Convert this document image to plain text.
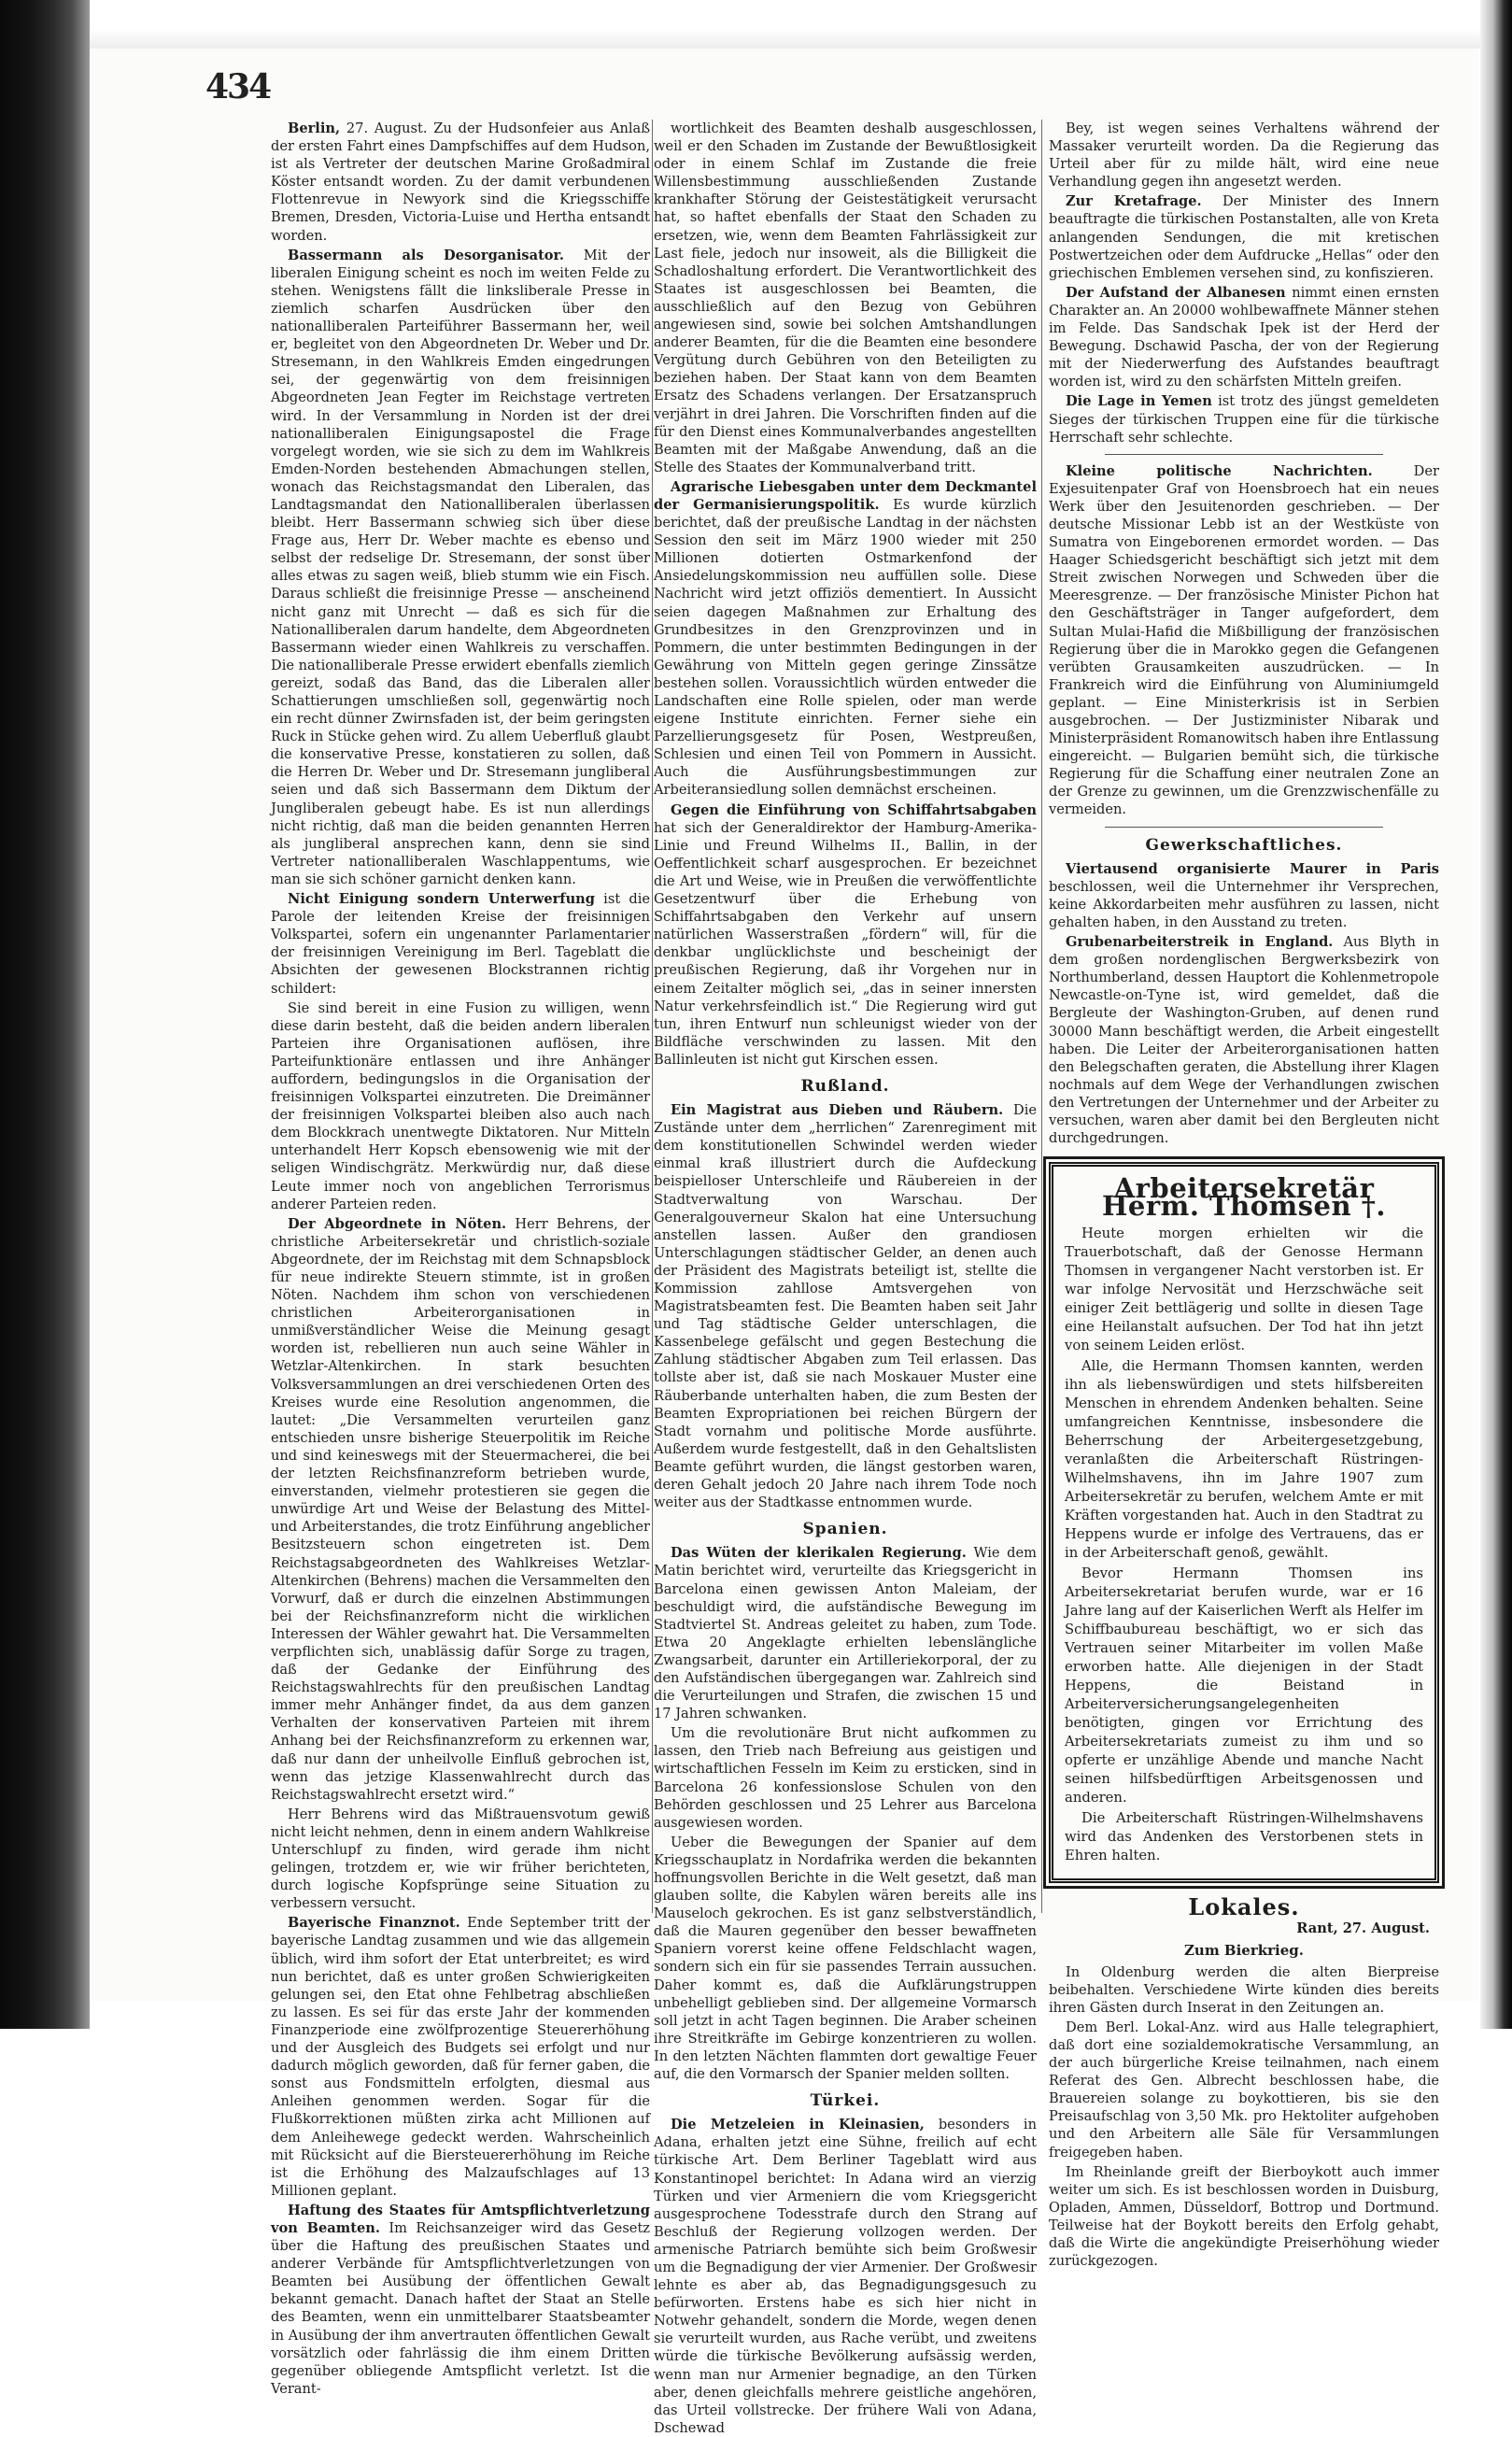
434

Berlin, 27. August. Zu der Hudsonfeier aus Anlaß der ersten Fahrt eines Dampfschiffes auf dem Hudson, ist als Vertreter der deutschen Marine Großadmiral Köster entsandt worden. Zu der damit verbundenen Flottenrevue in Newyork sind die Kriegsschiffe Bremen, Dresden, Victoria-Luise und Hertha entsandt worden.

Bassermann als Desorganisator. Mit der liberalen Einigung scheint es noch im weiten Felde zu stehen. Wenigstens fällt die linksliberale Presse in ziemlich scharfen Ausdrücken über den nationalliberalen Parteiführer Bassermann her, weil er, begleitet von den Abgeordneten Dr. Weber und Dr. Stresemann, in den Wahlkreis Emden eingedrungen sei, der gegenwärtig von dem freisinnigen Abgeordneten Jean Fegter im Reichstage vertreten wird. In der Versammlung in Norden ist der drei nationalliberalen Einigungsapostel die Frage vorgelegt worden, wie sie sich zu dem im Wahlkreis Emden-Norden bestehenden Abmachungen stellen, wonach das Reichstagsmandat den Liberalen, das Landtagsmandat den Nationalliberalen überlassen bleibt. Herr Bassermann schwieg sich über diese Frage aus, Herr Dr. Weber machte es ebenso und selbst der redselige Dr. Stresemann, der sonst über alles etwas zu sagen weiß, blieb stumm wie ein Fisch. Daraus schließt die freisinnige Presse — anscheinend nicht ganz mit Unrecht — daß es sich für die Nationalliberalen darum handelte, dem Abgeordneten Bassermann wieder einen Wahlkreis zu verschaffen. Die nationalliberale Presse erwidert ebenfalls ziemlich gereizt, sodaß das Band, das die Liberalen aller Schattierungen umschließen soll, gegenwärtig noch ein recht dünner Zwirnsfaden ist, der beim geringsten Ruck in Stücke gehen wird. Zu allem Ueberfluß glaubt die konservative Presse, konstatieren zu sollen, daß die Herren Dr. Weber und Dr. Stresemann jungliberal seien und daß sich Bassermann dem Diktum der Jungliberalen gebeugt habe. Es ist nun allerdings nicht richtig, daß man die beiden genannten Herren als jungliberal ansprechen kann, denn sie sind Vertreter nationalliberalen Waschlappentums, wie man sie sich schöner garnicht denken kann.

Nicht Einigung sondern Unterwerfung ist die Parole der leitenden Kreise der freisinnigen Volkspartei, sofern ein ungenannter Parlamentarier der freisinnigen Vereinigung im Berl. Tageblatt die Absichten der gewesenen Blockstrannen richtig schildert:

Sie sind bereit in eine Fusion zu willigen, wenn diese darin besteht, daß die beiden andern liberalen Parteien ihre Organisationen auflösen, ihre Parteifunktionäre entlassen und ihre Anhänger auffordern, bedingungslos in die Organisation der freisinnigen Volkspartei einzutreten. Die Dreimänner der freisinnigen Volkspartei bleiben also auch nach dem Blockkrach unentwegte Diktatoren. Nur Mitteln unterhandelt Herr Kopsch ebensowenig wie mit der seligen Windischgrätz. Merkwürdig nur, daß diese Leute immer noch von angeblichen Terrorismus anderer Parteien reden.

Der Abgeordnete in Nöten. Herr Behrens, der christliche Arbeitersekretär und christlich-soziale Abgeordnete, der im Reichstag mit dem Schnapsblock für neue indirekte Steuern stimmte, ist in großen Nöten. Nachdem ihm schon von verschiedenen christlichen Arbeiterorganisationen in unmißverständlicher Weise die Meinung gesagt worden ist, rebellieren nun auch seine Wähler in Wetzlar-Altenkirchen. In stark besuchten Volksversammlungen an drei verschiedenen Orten des Kreises wurde eine Resolution angenommen, die lautet: „Die Versammelten verurteilen ganz entschieden unsre bisherige Steuerpolitik im Reiche und sind keineswegs mit der Steuermacherei, die bei der letzten Reichsfinanzreform betrieben wurde, einverstanden, vielmehr protestieren sie gegen die unwürdige Art und Weise der Belastung des Mittel- und Arbeiterstandes, die trotz Einführung angeblicher Besitzsteuern schon eingetreten ist. Dem Reichstagsabgeordneten des Wahlkreises Wetzlar-Altenkirchen (Behrens) machen die Versammelten den Vorwurf, daß er durch die einzelnen Abstimmungen bei der Reichsfinanzreform nicht die wirklichen Interessen der Wähler gewahrt hat. Die Versammelten verpflichten sich, unablässig dafür Sorge zu tragen, daß der Gedanke der Einführung des Reichstagswahlrechts für den preußischen Landtag immer mehr Anhänger findet, da aus dem ganzen Verhalten der konservativen Parteien mit ihrem Anhang bei der Reichsfinanzreform zu erkennen war, daß nur dann der unheilvolle Einfluß gebrochen ist, wenn das jetzige Klassenwahlrecht durch das Reichstagswahlrecht ersetzt wird.“

Herr Behrens wird das Mißtrauensvotum gewiß nicht leicht nehmen, denn in einem andern Wahlkreise Unterschlupf zu finden, wird gerade ihm nicht gelingen, trotzdem er, wie wir früher berichteten, durch logische Kopfsprünge seine Situation zu verbessern versucht.

Bayerische Finanznot. Ende September tritt der bayerische Landtag zusammen und wie das allgemein üblich, wird ihm sofort der Etat unterbreitet; es wird nun berichtet, daß es unter großen Schwierigkeiten gelungen sei, den Etat ohne Fehlbetrag abschließen zu lassen. Es sei für das erste Jahr der kommenden Finanzperiode eine zwölfprozentige Steuererhöhung und der Ausgleich des Budgets sei erfolgt und nur dadurch möglich geworden, daß für ferner gaben, die sonst aus Fondsmitteln erfolgten, diesmal aus Anleihen genommen werden. Sogar für die Flußkorrektionen müßten zirka acht Millionen auf dem Anleihewege gedeckt werden. Wahrscheinlich mit Rücksicht auf die Biersteuererhöhung im Reiche ist die Erhöhung des Malzaufschlages auf 13 Millionen geplant.

Haftung des Staates für Amtspflichtverletzung von Beamten. Im Reichsanzeiger wird das Gesetz über die Haftung des preußischen Staates und anderer Verbände für Amtspflichtverletzungen von Beamten bei Ausübung der öffentlichen Gewalt bekannt gemacht. Danach haftet der Staat an Stelle des Beamten, wenn ein unmittelbarer Staatsbeamter in Ausübung der ihm anvertrauten öffentlichen Gewalt vorsätzlich oder fahrlässig die ihm einem Dritten gegenüber obliegende Amtspflicht verletzt. Ist die Verant-

wortlichkeit des Beamten deshalb ausgeschlossen, weil er den Schaden im Zustande der Bewußtlosigkeit oder in einem Schlaf im Zustande die freie Willensbestimmung ausschließenden Zustande krankhafter Störung der Geistestätigkeit verursacht hat, so haftet ebenfalls der Staat den Schaden zu ersetzen, wie, wenn dem Beamten Fahrlässigkeit zur Last fiele, jedoch nur insoweit, als die Billigkeit die Schadloshaltung erfordert. Die Verantwortlichkeit des Staates ist ausgeschlossen bei Beamten, die ausschließlich auf den Bezug von Gebühren angewiesen sind, sowie bei solchen Amtshandlungen anderer Beamten, für die die Beamten eine besondere Vergütung durch Gebühren von den Beteiligten zu beziehen haben. Der Staat kann von dem Beamten Ersatz des Schadens verlangen. Der Ersatzanspruch verjährt in drei Jahren. Die Vorschriften finden auf die für den Dienst eines Kommunalverbandes angestellten Beamten mit der Maßgabe Anwendung, daß an die Stelle des Staates der Kommunalverband tritt.

Agrarische Liebesgaben unter dem Deckmantel der Germanisierungspolitik. Es wurde kürzlich berichtet, daß der preußische Landtag in der nächsten Session den seit im März 1900 wieder mit 250 Millionen dotierten Ostmarkenfond der Ansiedelungskommission neu auffüllen solle. Diese Nachricht wird jetzt offiziös dementiert. In Aussicht seien dagegen Maßnahmen zur Erhaltung des Grundbesitzes in den Grenzprovinzen und in Pommern, die unter bestimmten Bedingungen in der Gewährung von Mitteln gegen geringe Zinssätze bestehen sollen. Voraussichtlich würden entweder die Landschaften eine Rolle spielen, oder man werde eigene Institute einrichten. Ferner siehe ein Parzellierungsgesetz für Posen, Westpreußen, Schlesien und einen Teil von Pommern in Aussicht. Auch die Ausführungsbestimmungen zur Arbeiteransiedlung sollen demnächst erscheinen.

Gegen die Einführung von Schiffahrtsabgaben hat sich der Generaldirektor der Hamburg-Amerika-Linie und Freund Wilhelms II., Ballin, in der Oeffentlichkeit scharf ausgesprochen. Er bezeichnet die Art und Weise, wie in Preußen die verwöffentlichte Gesetzentwurf über die Erhebung von Schiffahrtsabgaben den Verkehr auf unsern natürlichen Wasserstraßen „fördern“ will, für die denkbar unglücklichste und bescheinigt der preußischen Regierung, daß ihr Vorgehen nur in einem Zeitalter möglich sei, „das in seiner innersten Natur verkehrsfeindlich ist.“ Die Regierung wird gut tun, ihren Entwurf nun schleunigst wieder von der Bildfläche verschwinden zu lassen. Mit den Ballinleuten ist nicht gut Kirschen essen.

Rußland.

Ein Magistrat aus Dieben und Räubern. Die Zustände unter dem „herrlichen“ Zarenregiment mit dem konstitutionellen Schwindel werden wieder einmal kraß illustriert durch die Aufdeckung beispielloser Unterschleife und Räubereien in der Stadtverwaltung von Warschau. Der Generalgouverneur Skalon hat eine Untersuchung anstellen lassen. Außer den grandiosen Unterschlagungen städtischer Gelder, an denen auch der Präsident des Magistrats beteiligt ist, stellte die Kommission zahllose Amtsvergehen von Magistratsbeamten fest. Die Beamten haben seit Jahr und Tag städtische Gelder unterschlagen, die Kassenbelege gefälscht und gegen Bestechung die Zahlung städtischer Abgaben zum Teil erlassen. Das tollste aber ist, daß sie nach Moskauer Muster eine Räuberbande unterhalten haben, die zum Besten der Beamten Expropriationen bei reichen Bürgern der Stadt vornahm und politische Morde ausführte. Außerdem wurde festgestellt, daß in den Gehaltslisten Beamte geführt wurden, die längst gestorben waren, deren Gehalt jedoch 20 Jahre nach ihrem Tode noch weiter aus der Stadtkasse entnommen wurde.

Spanien.

Das Wüten der klerikalen Regierung. Wie dem Matin berichtet wird, verurteilte das Kriegsgericht in Barcelona einen gewissen Anton Maleiam, der beschuldigt wird, die aufständische Bewegung im Stadtviertel St. Andreas geleitet zu haben, zum Tode. Etwa 20 Angeklagte erhielten lebenslängliche Zwangsarbeit, darunter ein Artilleriekorporal, der zu den Aufständischen übergegangen war. Zahlreich sind die Verurteilungen und Strafen, die zwischen 15 und 17 Jahren schwanken.

Um die revolutionäre Brut nicht aufkommen zu lassen, den Trieb nach Befreiung aus geistigen und wirtschaftlichen Fesseln im Keim zu ersticken, sind in Barcelona 26 konfessionslose Schulen von den Behörden geschlossen und 25 Lehrer aus Barcelona ausgewiesen worden.

Ueber die Bewegungen der Spanier auf dem Kriegsschauplatz in Nordafrika werden die bekannten hoffnungsvollen Berichte in die Welt gesetzt, daß man glauben sollte, die Kabylen wären bereits alle ins Mauseloch gekrochen. Es ist ganz selbstverständlich, daß die Mauren gegenüber den besser bewaffneten Spaniern vorerst keine offene Feldschlacht wagen, sondern sich ein für sie passendes Terrain aussuchen. Daher kommt es, daß die Aufklärungstruppen unbehelligt geblieben sind. Der allgemeine Vormarsch soll jetzt in acht Tagen beginnen. Die Araber scheinen ihre Streitkräfte im Gebirge konzentrieren zu wollen. In den letzten Nächten flammten dort gewaltige Feuer auf, die den Vormarsch der Spanier melden sollten.

Türkei.

Die Metzeleien in Kleinasien, besonders in Adana, erhalten jetzt eine Sühne, freilich auf echt türkische Art. Dem Berliner Tageblatt wird aus Konstantinopel berichtet: In Adana wird an vierzig Türken und vier Armeniern die vom Kriegsgericht ausgesprochene Todesstrafe durch den Strang auf Beschluß der Regierung vollzogen werden. Der armenische Patriarch bemühte sich beim Großwesir um die Begnadigung der vier Armenier. Der Großwesir lehnte es aber ab, das Begnadigungsgesuch zu befürworten. Erstens habe es sich hier nicht in Notwehr gehandelt, sondern die Morde, wegen denen sie verurteilt wurden, aus Rache verübt, und zweitens würde die türkische Bevölkerung aufsässig werden, wenn man nur Armenier begnadige, an den Türken aber, denen gleichfalls mehrere geistliche angehören, das Urteil vollstrecke. Der frühere Wali von Adana, Dschewad

Bey, ist wegen seines Verhaltens während der Massaker verurteilt worden. Da die Regierung das Urteil aber für zu milde hält, wird eine neue Verhandlung gegen ihn angesetzt werden.

Zur Kretafrage. Der Minister des Innern beauftragte die türkischen Postanstalten, alle von Kreta anlangenden Sendungen, die mit kretischen Postwertzeichen oder dem Aufdrucke „Hellas“ oder den griechischen Emblemen versehen sind, zu konfiszieren.

Der Aufstand der Albanesen nimmt einen ernsten Charakter an. An 20000 wohlbewaffnete Männer stehen im Felde. Das Sandschak Ipek ist der Herd der Bewegung. Dschawid Pascha, der von der Regierung mit der Niederwerfung des Aufstandes beauftragt worden ist, wird zu den schärfsten Mitteln greifen.

Die Lage in Yemen ist trotz des jüngst gemeldeten Sieges der türkischen Truppen eine für die türkische Herrschaft sehr schlechte.

Kleine politische Nachrichten.	Der Exjesuitenpater Graf von Hoensbroech hat ein neues Werk über den Jesuitenorden geschrieben. — Der deutsche Missionar Lebb ist an der Westküste von Sumatra von Eingeborenen ermordet worden. — Das Haager Schiedsgericht beschäftigt sich jetzt mit dem Streit zwischen Norwegen und Schweden über die Meeresgrenze. — Der französische Minister Pichon hat den Geschäftsträger in Tanger aufgefordert, dem Sultan Mulai-Hafid die Mißbilligung der französischen Regierung über die in Marokko gegen die Gefangenen verübten Grausamkeiten auszudrücken. — In Frankreich wird die Einführung von Aluminiumgeld geplant. — Eine Ministerkrisis ist in Serbien ausgebrochen. — Der Justizminister Nibarak und Ministerpräsident Romanowitsch haben ihre Entlassung eingereicht. — Bulgarien bemüht sich, die türkische Regierung für die Schaffung einer neutralen Zone an der Grenze zu gewinnen, um die Grenzzwischenfälle zu vermeiden.

Gewerkschaftliches.

Viertausend organisierte Maurer in Paris beschlossen, weil die Unternehmer ihr Versprechen, keine Akkordarbeiten mehr ausführen zu lassen, nicht gehalten haben, in den Ausstand zu treten.

Grubenarbeiterstreik in England. Aus Blyth in dem großen nordenglischen Bergwerksbezirk von Northumberland, dessen Hauptort die Kohlenmetropole Newcastle-on-Tyne ist, wird gemeldet, daß die Bergleute der Washington-Gruben, auf denen rund 30000 Mann beschäftigt werden, die Arbeit eingestellt haben. Die Leiter der Arbeiterorganisationen hatten den Belegschaften geraten, die Abstellung ihrer Klagen nochmals auf dem Wege der Verhandlungen zwischen den Vertretungen der Unternehmer und der Arbeiter zu versuchen, waren aber damit bei den Bergleuten nicht durchgedrungen.

Arbeitersekretär Herm. Thomsen †.

Heute morgen erhielten wir die Trauerbotschaft, daß der Genosse Hermann Thomsen in vergangener Nacht verstorben ist. Er war infolge Nervosität und Herzschwäche seit einiger Zeit bettlägerig und sollte in diesen Tage eine Heilanstalt aufsuchen. Der Tod hat ihn jetzt von seinem Leiden erlöst.

Alle, die Hermann Thomsen kannten, werden ihn als liebenswürdigen und stets hilfsbereiten Menschen in ehrendem Andenken behalten. Seine umfangreichen Kenntnisse, insbesondere die Beherrschung der Arbeitergesetzgebung, veranlaßten die Arbeiterschaft Rüstringen-Wilhelmshavens, ihn im Jahre 1907 zum Arbeitersekretär zu berufen, welchem Amte er mit Kräften vorgestanden hat. Auch in den Stadtrat zu Heppens wurde er infolge des Vertrauens, das er in der Arbeiterschaft genoß, gewählt.

Bevor Hermann Thomsen ins Arbeitersekretariat berufen wurde, war er 16 Jahre lang auf der Kaiserlichen Werft als Helfer im Schiffbaubureau beschäftigt, wo er sich das Vertrauen seiner Mitarbeiter im vollen Maße erworben hatte. Alle diejenigen in der Stadt Heppens, die Beistand in Arbeiterversicherungsangelegenheiten benötigten, gingen vor Errichtung des Arbeitersekretariats zumeist zu ihm und so opferte er unzählige Abende und manche Nacht seinen hilfsbedürftigen Arbeitsgenossen und anderen.

Die Arbeiterschaft Rüstringen-Wilhelmshavens wird das Andenken des Verstorbenen stets in Ehren halten.

Lokales.
Rant, 27. August.
Zum Bierkrieg.

In Oldenburg werden die alten Bierpreise beibehalten. Verschiedene Wirte künden dies bereits ihren Gästen durch Inserat in den Zeitungen an.

Dem Berl. Lokal-Anz. wird aus Halle telegraphiert, daß dort eine sozialdemokratische Versammlung, an der auch bürgerliche Kreise teilnahmen, nach einem Referat des Gen. Albrecht beschlossen habe, die Brauereien solange zu boykottieren, bis sie den Preisaufschlag von 3,50 Mk. pro Hektoliter aufgehoben und den Arbeitern alle Säle für Versammlungen freigegeben haben.

Im Rheinlande greift der Bierboykott auch immer weiter um sich. Es ist beschlossen worden in Duisburg, Opladen, Ammen, Düsseldorf, Bottrop und Dortmund. Teilweise hat der Boykott bereits den Erfolg gehabt, daß die Wirte die angekündigte Preiserhöhung wieder zurückgezogen.
